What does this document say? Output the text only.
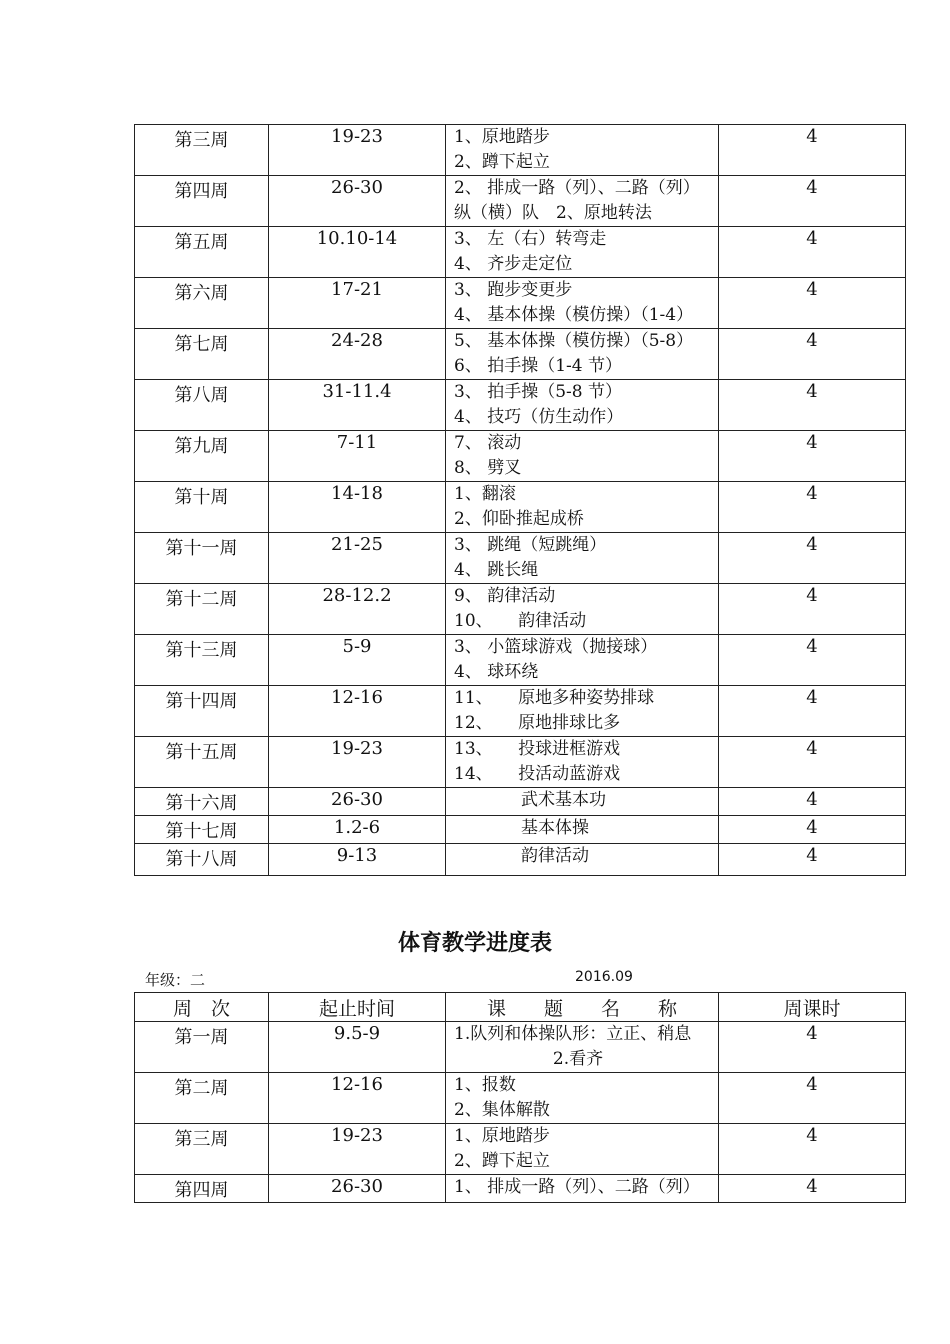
第三周	19-23	1、原地踏步
2、蹲下起立	4
第四周	26-30	2、 排成一路（列）、二路（列）
纵（横）队　2、原地转法	4
第五周	10.10-14	3、 左（右）转弯走
4、 齐步走定位	4
第六周	17-21	3、 跑步变更步
4、 基本体操（模仿操）（1-4）	4
第七周	24-28	5、 基本体操（模仿操）（5-8）
6、 拍手操（1-4 节）	4
第八周	31-11.4	3、 拍手操（5-8 节）
4、 技巧（仿生动作）	4
第九周	7-11	7、 滚动
8、 劈叉	4
第十周	14-18	1、翻滚
2、仰卧推起成桥	4
第十一周	21-25	3、 跳绳（短跳绳）
4、 跳长绳	4
第十二周	28-12.2	9、 韵律活动
10、　　韵律活动	4
第十三周	5-9	3、 小篮球游戏（抛接球）
4、 球环绕	4
第十四周	12-16	11、　　原地多种姿势排球
12、　　原地排球比多	4
第十五周	19-23	13、　　投球进框游戏
14、　　投活动蓝游戏	4
第十六周	26-30	武术基本功	4
第十七周	1.2-6	基本体操	4
第十八周	9-13	韵律活动	4
体育教学进度表
年级：二	2016.09
周　次	起止时间	课　　题　　名　　称	周课时
第一周	9.5-9	1.队列和体操队形：立正、稍息
2.看齐	4
第二周	12-16	1、报数
2、集体解散	4
第三周	19-23	1、原地踏步
2、蹲下起立	4
第四周	26-30	1、 排成一路（列）、二路（列）	4
